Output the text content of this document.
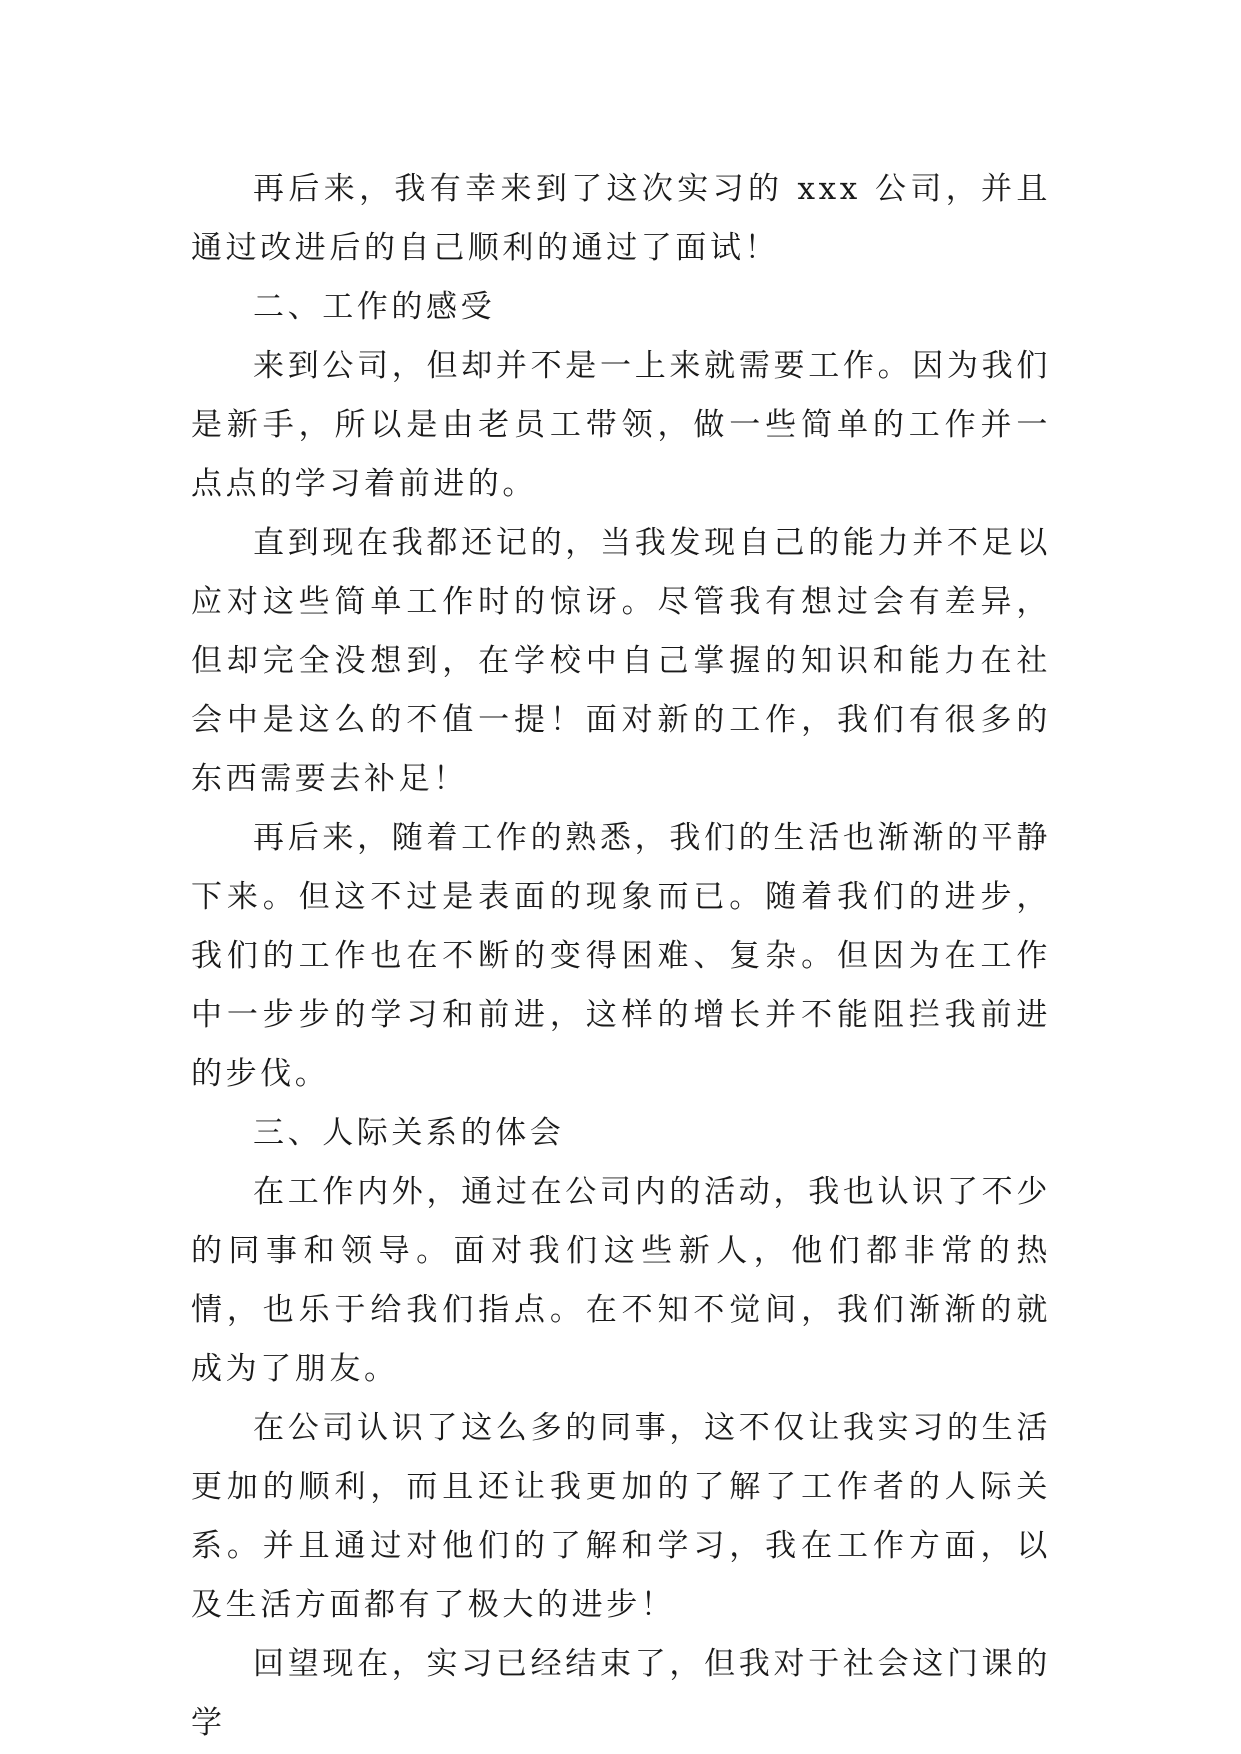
再后来，我有幸来到了这次实习的 xxx 公司，并且通过改进后的自己顺利的通过了面试！

二、工作的感受

来到公司，但却并不是一上来就需要工作。因为我们是新手，所以是由老员工带领，做一些简单的工作并一点点的学习着前进的。

直到现在我都还记的，当我发现自己的能力并不足以应对这些简单工作时的惊讶。尽管我有想过会有差异，但却完全没想到，在学校中自己掌握的知识和能力在社会中是这么的不值一提！面对新的工作，我们有很多的东西需要去补足！

再后来，随着工作的熟悉，我们的生活也渐渐的平静下来。但这不过是表面的现象而已。随着我们的进步，我们的工作也在不断的变得困难、复杂。但因为在工作中一步步的学习和前进，这样的增长并不能阻拦我前进的步伐。

三、人际关系的体会

在工作内外，通过在公司内的活动，我也认识了不少的同事和领导。面对我们这些新人，他们都非常的热情，也乐于给我们指点。在不知不觉间，我们渐渐的就成为了朋友。

在公司认识了这么多的同事，这不仅让我实习的生活更加的顺利，而且还让我更加的了解了工作者的人际关系。并且通过对他们的了解和学习，我在工作方面，以及生活方面都有了极大的进步！

回望现在，实习已经结束了，但我对于社会这门课的学
